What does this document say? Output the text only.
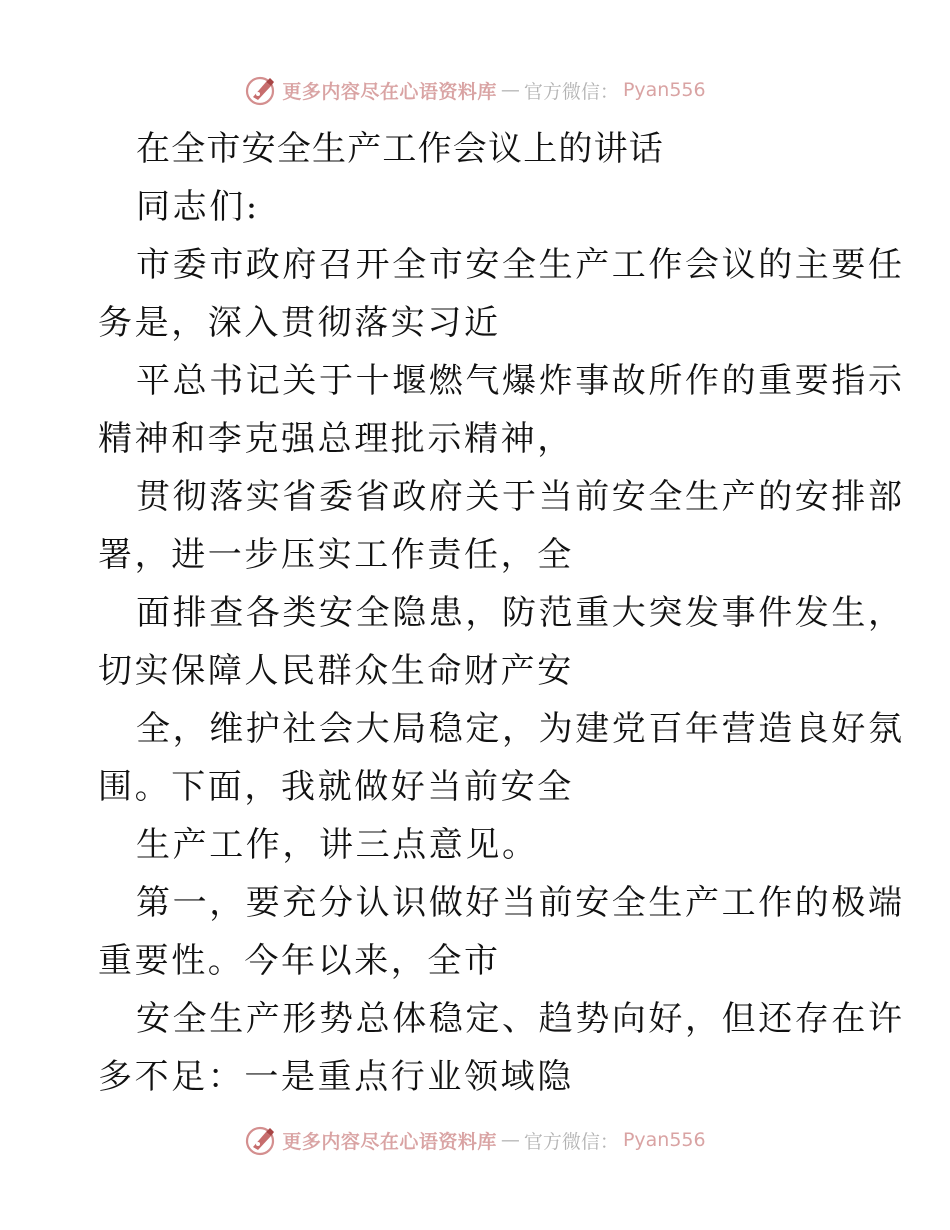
更多内容尽在心语资料库 — 官方微信： Pyan556
在全市安全生产工作会议上的讲话
同志们:
市委市政府召开全市安全生产工作会议的主要任
务是，深入贯彻落实习近
平总书记关于十堰燃气爆炸事故所作的重要指示
精神和李克强总理批示精神，
贯彻落实省委省政府关于当前安全生产的安排部
署，进一步压实工作责任，全
面排查各类安全隐患，防范重大突发事件发生，
切实保障人民群众生命财产安
全，维护社会大局稳定，为建党百年营造良好氛
围。下面，我就做好当前安全
生产工作，讲三点意见。
第一，要充分认识做好当前安全生产工作的极端
重要性。今年以来，全市
安全生产形势总体稳定、趋势向好，但还存在许
多不足：一是重点行业领域隐
更多内容尽在心语资料库 — 官方微信： Pyan556
